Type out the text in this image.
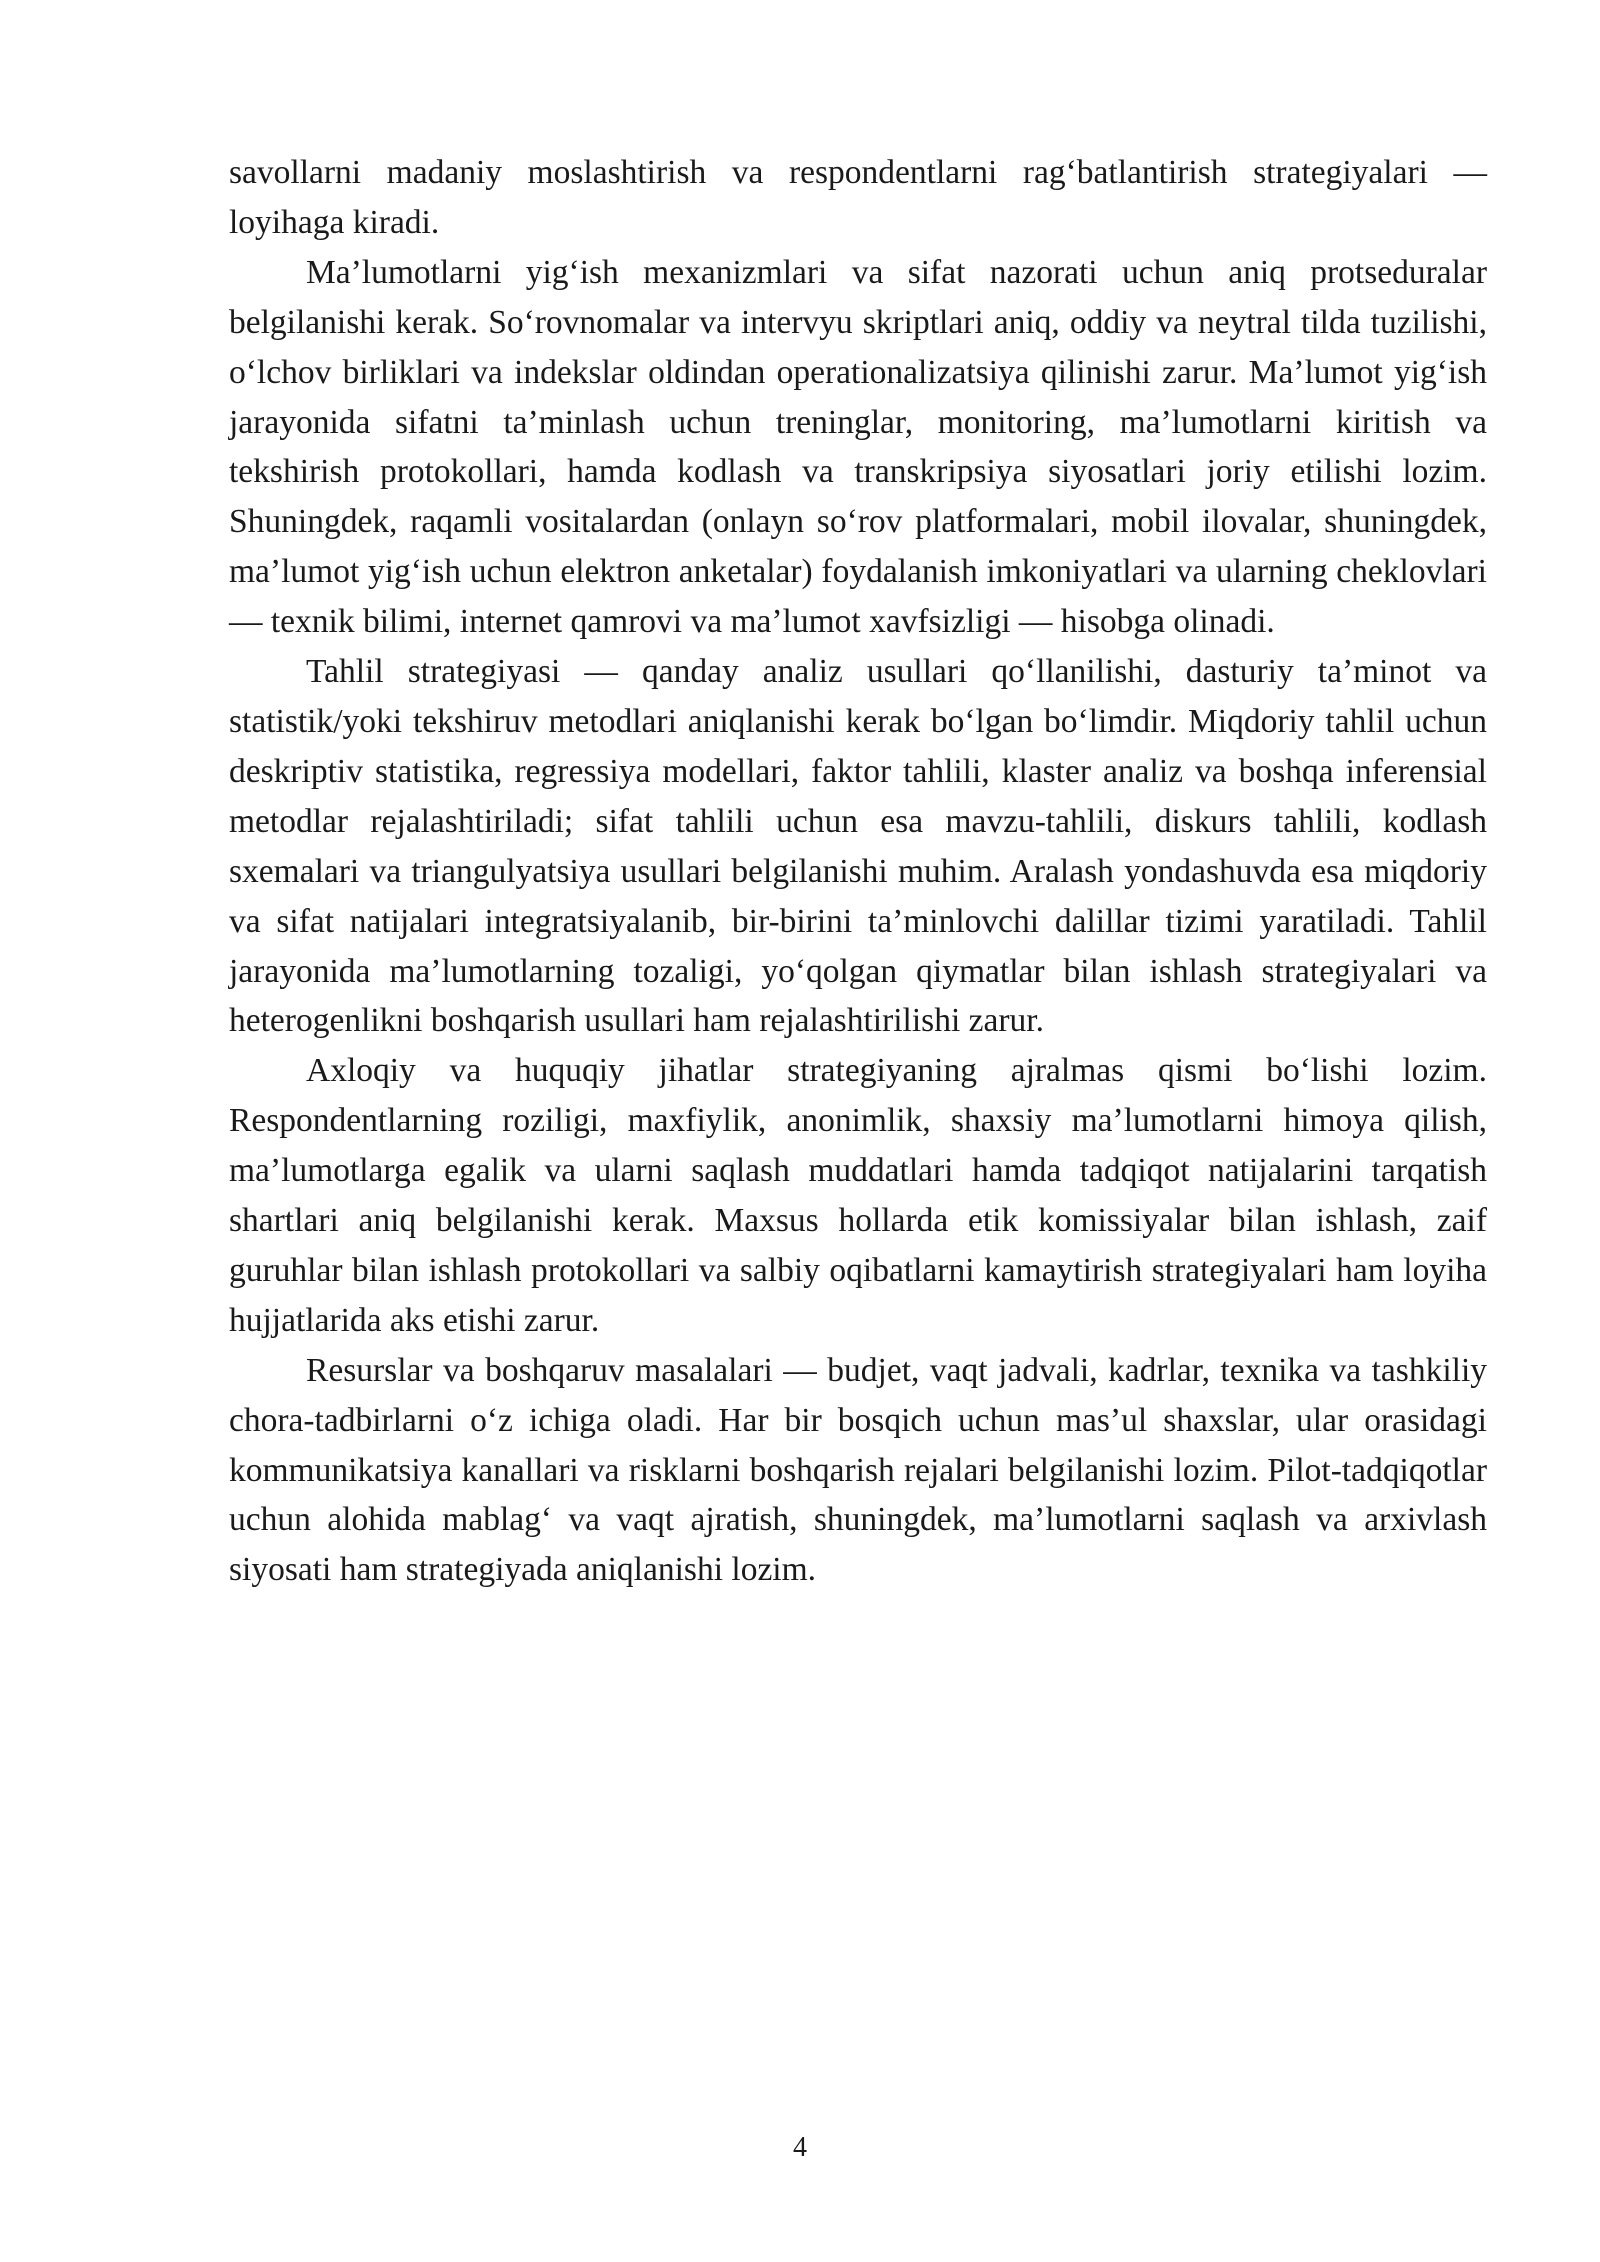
savollarni madaniy moslashtirish va respondentlarni rag‘batlantirish strategiyalari — loyihaga kiradi.

Ma’lumotlarni yig‘ish mexanizmlari va sifat nazorati uchun aniq protseduralar belgilanishi kerak. So‘rovnomalar va intervyu skriptlari aniq, oddiy va neytral tilda tuzilishi, o‘lchov birliklari va indekslar oldindan operationalizatsiya qilinishi zarur. Ma’lumot yig‘ish jarayonida sifatni ta’minlash uchun treninglar, monitoring, ma’lumotlarni kiritish va tekshirish protokollari, hamda kodlash va transkripsiya siyosatlari joriy etilishi lozim. Shuningdek, raqamli vositalardan (onlayn so‘rov platformalari, mobil ilovalar, shuningdek, ma’lumot yig‘ish uchun elektron anketalar) foydalanish imkoniyatlari va ularning cheklovlari — texnik bilimi, internet qamrovi va ma’lumot xavfsizligi — hisobga olinadi.

Tahlil strategiyasi — qanday analiz usullari qo‘llanilishi, dasturiy ta’minot va statistik/yoki tekshiruv metodlari aniqlanishi kerak bo‘lgan bo‘limdir. Miqdoriy tahlil uchun deskriptiv statistika, regressiya modellari, faktor tahlili, klaster analiz va boshqa inferensial metodlar rejalashtiriladi; sifat tahlili uchun esa mavzu-tahlili, diskurs tahlili, kodlash sxemalari va triangulyatsiya usullari belgilanishi muhim. Aralash yondashuvda esa miqdoriy va sifat natijalari integratsiyalanib, bir-birini ta’minlovchi dalillar tizimi yaratiladi. Tahlil jarayonida ma’lumotlarning tozaligi, yo‘qolgan qiymatlar bilan ishlash strategiyalari va heterogenlikni boshqarish usullari ham rejalashtirilishi zarur.

Axloqiy va huquqiy jihatlar strategiyaning ajralmas qismi bo‘lishi lozim. Respondentlarning roziligi, maxfiylik, anonimlik, shaxsiy ma’lumotlarni himoya qilish, ma’lumotlarga egalik va ularni saqlash muddatlari hamda tadqiqot natijalarini tarqatish shartlari aniq belgilanishi kerak. Maxsus hollarda etik komissiyalar bilan ishlash, zaif guruhlar bilan ishlash protokollari va salbiy oqibatlarni kamaytirish strategiyalari ham loyiha hujjatlarida aks etishi zarur.

Resurslar va boshqaruv masalalari — budjet, vaqt jadvali, kadrlar, texnika va tashkiliy chora-tadbirlarni o‘z ichiga oladi. Har bir bosqich uchun mas’ul shaxslar, ular orasidagi kommunikatsiya kanallari va risklarni boshqarish rejalari belgilanishi lozim. Pilot-tadqiqotlar uchun alohida mablag‘ va vaqt ajratish, shuningdek, ma’lumotlarni saqlash va arxivlash siyosati ham strategiyada aniqlanishi lozim.

4
